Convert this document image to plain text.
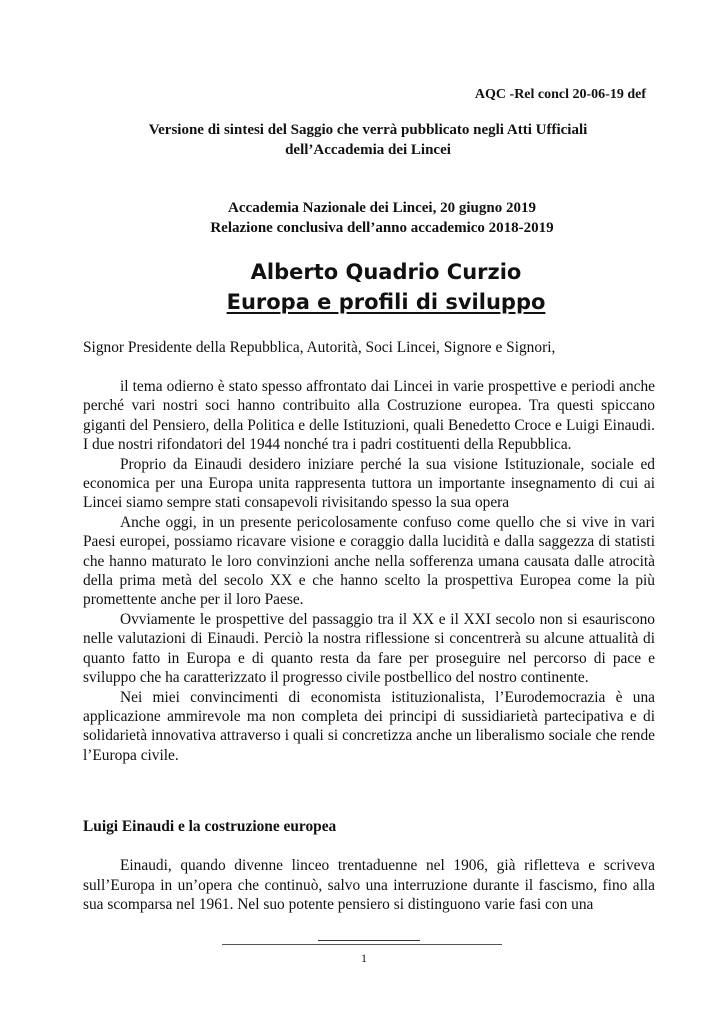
AQC -Rel concl 20-06-19 def
Versione di sintesi del Saggio che verrà pubblicato negli Atti Ufficiali
dell’Accademia dei Lincei
Accademia Nazionale dei Lincei, 20 giugno 2019
Relazione conclusiva dell’anno accademico 2018-2019
Alberto Quadrio Curzio
Europa e profili di sviluppo
Signor Presidente della Repubblica, Autorità, Soci Lincei, Signore e Signori,

il tema odierno è stato spesso affrontato dai Lincei in varie prospettive e periodi anche perché vari nostri soci hanno contribuito alla Costruzione europea. Tra questi spiccano giganti del Pensiero, della Politica e delle Istituzioni, quali Benedetto Croce e Luigi Einaudi. I due nostri rifondatori del 1944 nonché tra i padri costituenti della Repubblica.

Proprio da Einaudi desidero iniziare perché la sua visione Istituzionale, sociale ed economica per una Europa unita rappresenta tuttora un importante insegnamento di cui ai Lincei siamo sempre stati consapevoli rivisitando spesso la sua opera

Anche oggi, in un presente pericolosamente confuso come quello che si vive in vari Paesi europei, possiamo ricavare visione e coraggio dalla lucidità e dalla saggezza di statisti che hanno maturato le loro convinzioni anche nella sofferenza umana causata dalle atrocità della prima metà del secolo XX e che hanno scelto la prospettiva Europea come la più promettente anche per il loro Paese.

Ovviamente le prospettive del passaggio tra il XX e il XXI secolo non si esauriscono nelle valutazioni di Einaudi. Perciò la nostra riflessione si concentrerà su alcune attualità di quanto fatto in Europa e di quanto resta da fare per proseguire nel percorso di pace e sviluppo che ha caratterizzato il progresso civile postbellico del nostro continente.

Nei miei convincimenti di economista istituzionalista, l’Eurodemocrazia è una applicazione ammirevole ma non completa dei principi di sussidiarietà partecipativa e di solidarietà innovativa attraverso i quali si concretizza anche un liberalismo sociale che rende l’Europa civile.

Luigi Einaudi e la costruzione europea

Einaudi, quando divenne linceo trentaduenne nel 1906, già rifletteva e scriveva sull’Europa in un’opera che continuò, salvo una interruzione durante il fascismo, fino alla sua scomparsa nel 1961. Nel suo potente pensiero si distinguono varie fasi con una

1
